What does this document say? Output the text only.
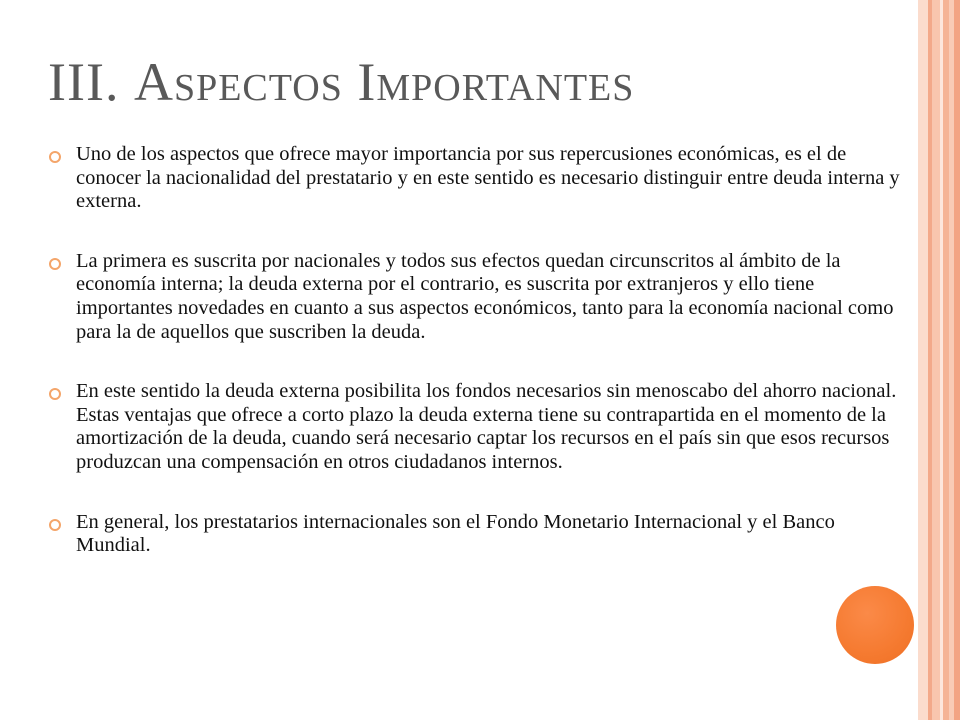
III. Aspectos Importantes
Uno de los aspectos que ofrece mayor importancia por sus repercusiones económicas, es el de conocer la nacionalidad del prestatario y en este sentido es necesario distinguir entre deuda interna y externa.
La primera es suscrita por nacionales y todos sus efectos quedan circunscritos al ámbito de la economía interna; la deuda externa por el contrario, es suscrita por extranjeros y ello tiene importantes novedades en cuanto a sus aspectos económicos, tanto para la economía nacional como para la de aquellos que suscriben la deuda.
En este sentido la deuda externa posibilita los fondos necesarios sin menoscabo del ahorro nacional. Estas ventajas que ofrece a corto plazo la deuda externa tiene su contrapartida en el momento de la amortización de la deuda, cuando será necesario captar los recursos en el país sin que esos recursos produzcan una compensación en otros ciudadanos internos.
En general, los prestatarios internacionales son el Fondo Monetario Internacional y el Banco Mundial.
